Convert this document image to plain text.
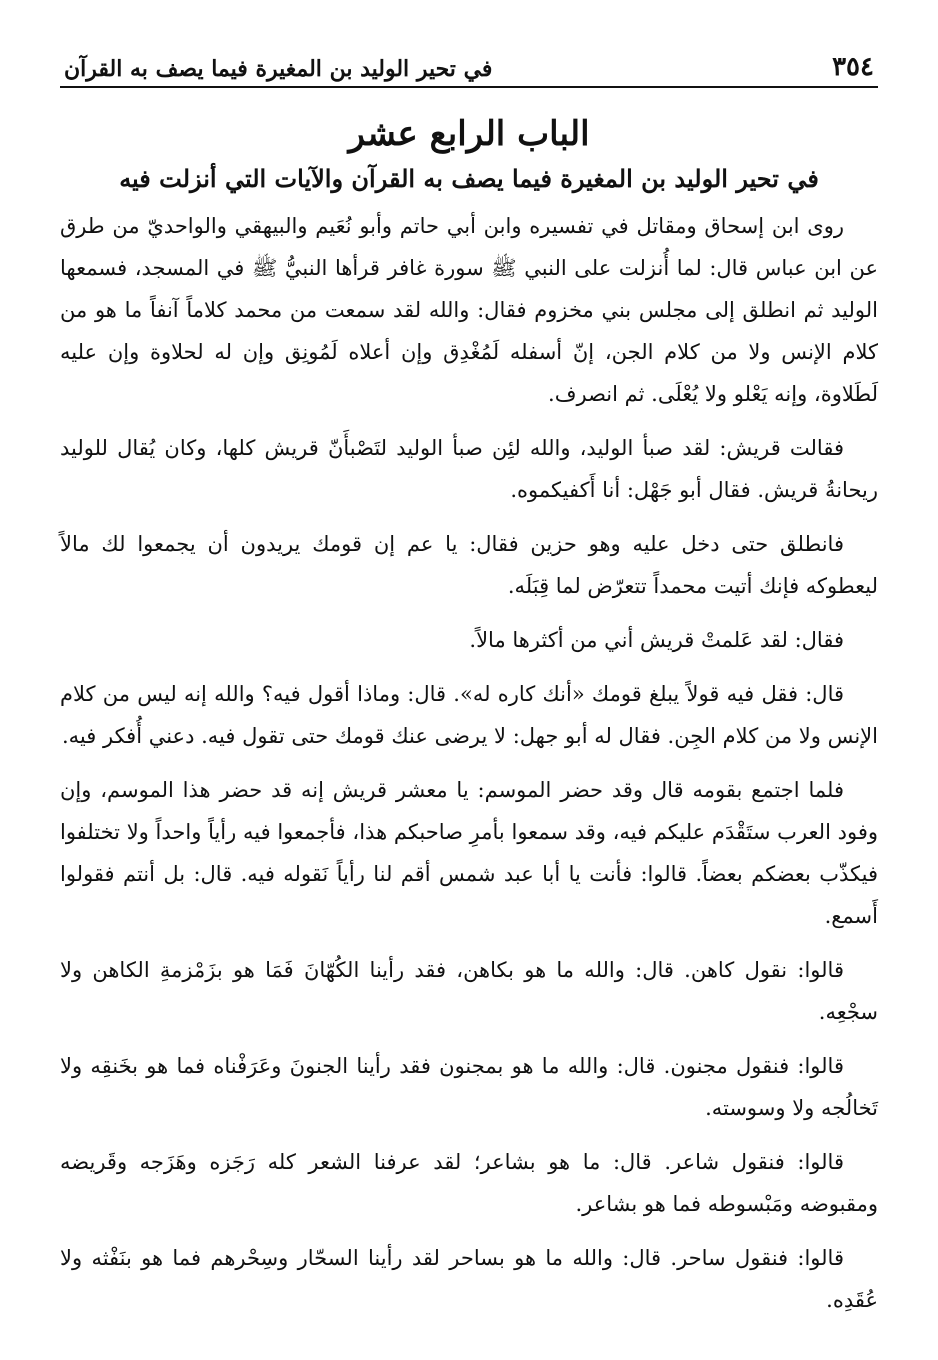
٣٥٤
في تحير الوليد بن المغيرة فيما يصف به القرآن
الباب الرابع عشر
في تحير الوليد بن المغيرة فيما يصف به القرآن والآيات التي أنزلت فيه

روى ابن إسحاق ومقاتل في تفسيره وابن أبي حاتم وأبو نُعَيم والبيهقي والواحديّ من طرق عن ابن عباس قال: لما أُنزلت على النبي ﷺ سورة غافر قرأها النبيُّ ﷺ في المسجد، فسمعها الوليد ثم انطلق إلى مجلس بني مخزوم فقال: والله لقد سمعت من محمد كلاماً آنفاً ما هو من كلام الإنس ولا من كلام الجن، إنّ أسفله لَمُغْدِق وإن أعلاه لَمُونِق وإن له لحلاوة وإن عليه لَطَلاوة، وإنه يَعْلو ولا يُعْلَى. ثم انصرف.

فقالت قريش: لقد صبأ الوليد، والله لئِن صبأ الوليد لتَصْبأَنّ قريش كلها، وكان يُقال للوليد ريحانةُ قريش. فقال أبو جَهْل: أنا أَكفيكموه.

فانطلق حتى دخل عليه وهو حزين فقال: يا عم إن قومك يريدون أن يجمعوا لك مالاً ليعطوكه فإنك أتيت محمداً تتعرّض لما قِبَلَه.

فقال: لقد عَلمتْ قريش أني من أكثرها مالاً.

قال: فقل فيه قولاً يبلغ قومك «أنك كاره له». قال: وماذا أقول فيه؟ والله إنه ليس من كلام الإنس ولا من كلام الجِن. فقال له أبو جهل: لا يرضى عنك قومك حتى تقول فيه. دعني أُفكر فيه.

فلما اجتمع بقومه قال وقد حضر الموسم: يا معشر قريش إنه قد حضر هذا الموسم، وإن وفود العرب ستَقْدَم عليكم فيه، وقد سمعوا بأمرِ صاحبكم هذا، فأجمعوا فيه رأياً واحداً ولا تختلفوا فيكذّب بعضكم بعضاً. قالوا: فأنت يا أبا عبد شمس أقم لنا رأياً نَقوله فيه. قال: بل أنتم فقولوا أَسمع.

قالوا: نقول كاهن. قال: والله ما هو بكاهن، فقد رأينا الكُهّانَ فَمَا هو بزَمْزمةِ الكاهن ولا سجْعِه.

قالوا: فنقول مجنون. قال: والله ما هو بمجنون فقد رأينا الجنونَ وعَرَفْناه فما هو بخَنقِه ولا تَخالُجه ولا وسوسته.

قالوا: فنقول شاعر. قال: ما هو بشاعر؛ لقد عرفنا الشعر كله رَجَزه وهَزَجه وقَريضه ومقبوضه ومَبْسوطه فما هو بشاعر.

قالوا: فنقول ساحر. قال: والله ما هو بساحر لقد رأينا السحّار وسِحْرهم فما هو بنَفْثه ولا عُقَدِه.
